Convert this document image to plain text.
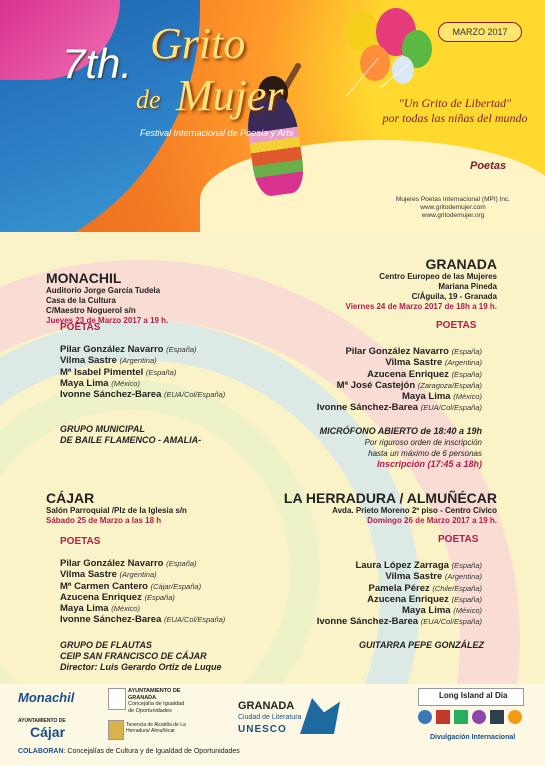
7th. Grito
de Mujer
Festival Internacional de Poesía y Arte
MARZO 2017
"Un Grito de Libertad"
por todas las niñas del mundo
Poetas
Mujeres Poetas Internacional (MPI) Inc.
www.gritodemujer.com
www.gritodemujer.org
MONACHIL
Auditorio Jorge García Tudela
Casa de la Cultura
C/Maestro Noguerol s/n
Jueves 23 de Marzo 2017 a 19 h.
POETAS
Pilar González Navarro (España)
Vilma Sastre (Argentina)
Mª Isabel Pimentel (España)
Maya Lima (México)
Ivonne Sánchez-Barea (EUA/Col/España)
GRUPO MUNICIPAL
DE BAILE FLAMENCO - AMALIA-
GRANADA
Centro Europeo de las Mujeres
Mariana Pineda
C/Águila, 19 - Granada
Viernes 24 de Marzo 2017 de 18h a 19 h.
POETAS
Pilar González Navarro (España)
Vilma Sastre (Argentina)
Azucena Enriquez (España)
Mª José Castejón (Zaragoza/España)
Maya Lima (México)
Ivonne Sánchez-Barea (EUA/Col/España)
MICRÓFONO ABIERTO de 18:40 a 19h
Por riguroso orden de inscripción
hasta un máximo de 6 personas
Inscripción (17:45 a 18h)
CÁJAR
Salón Parroquial /Plz de la Iglesia s/n
Sábado 25 de Marzo a las 18 h
POETAS
Pilar González Navarro (España)
Vilma Sastre (Argentina)
Mª Carmen Cantero (Cájar/España)
Azucena Enriquez (España)
Maya Lima (México)
Ivonne Sánchez-Barea (EUA/Col/España)
GRUPO DE FLAUTAS
CEIP SAN FRANCISCO DE CÁJAR
Director: Luis Gerardo Ortiz de Luque
LA HERRADURA / ALMUÑÉCAR
Avda. Prieto Moreno 2º piso - Centro Cívico
Domingo 26 de Marzo 2017 a 19 h.
POETAS
Laura López Zarraga (España)
Vilma Sastre (Argentina)
Pamela Pérez (Chile/España)
Azucena Enriquez (España)
Maya Lima (México)
Ivonne Sánchez-Barea (EUA/Col/España)
GUITARRA PEPE GONZÁLEZ
Monachil	AYUNTAMIENTO DE GRANADA
Concejalía de Igualdad de Oportunidades
AYUNTAMIENTO DE
Cájar	Tenencia de Alcaldía de La Herradura/ Almuñécar
GRANADA
Ciudad de Literatura
UNESCO
Long Island al Día
Divulgación Internacional
COLABORAN: Concejalías de Cultura y de Igualdad de Oportunidades
